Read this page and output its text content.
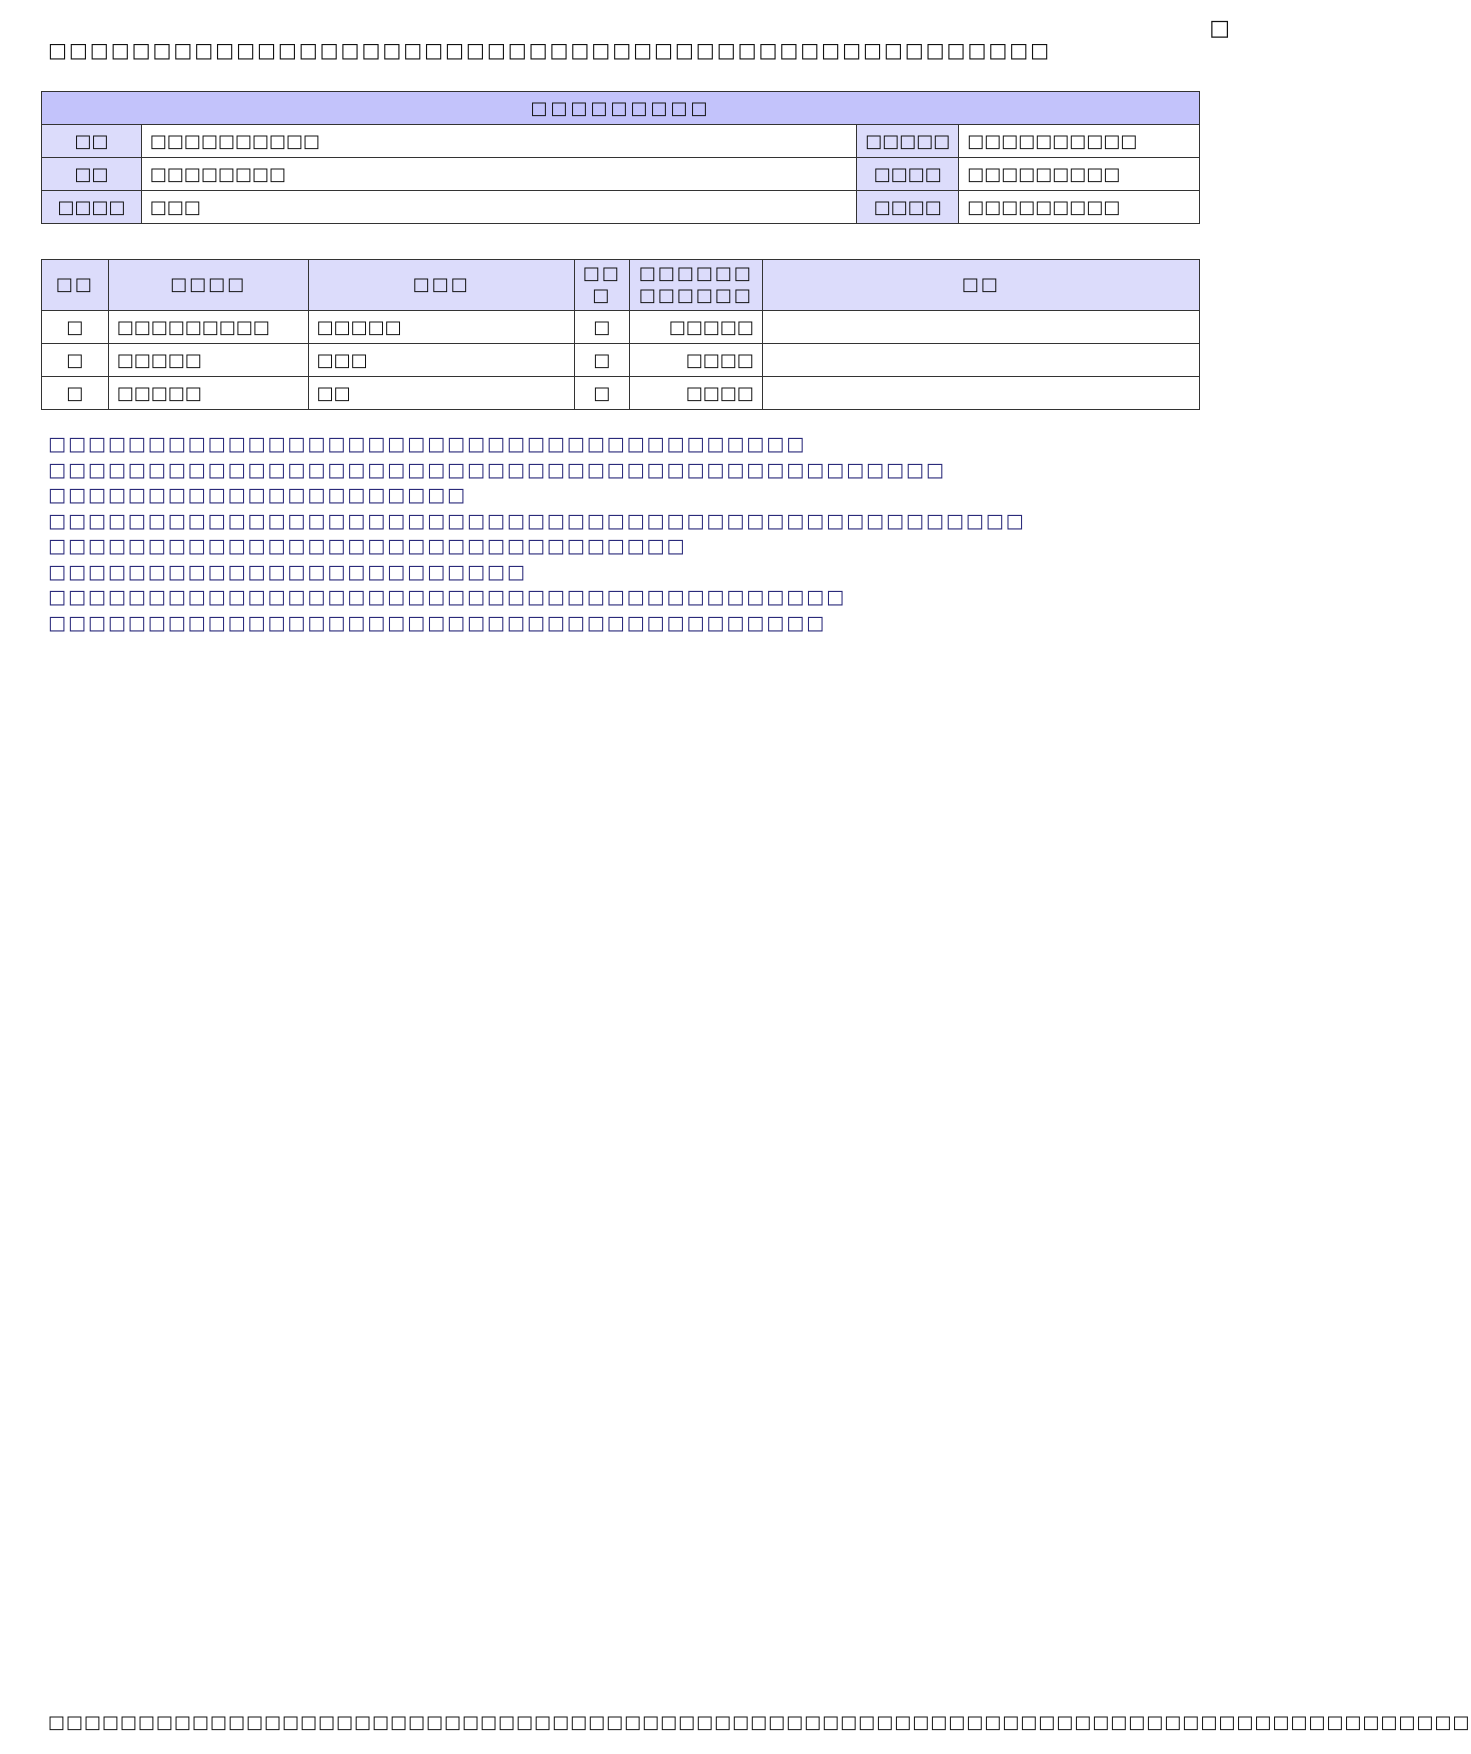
□
□□□□□□□□□□□□□□□□□□□□□□□□□□□□□□□□□□□□□□□□□□□□□□□□
□□□□□□□□□			
□□	□□□□□□□□□□	□□□□□	□□□□□□□□□□
□□	□□□□□□□□	□□□□	□□□□□□□□□
□□□□	□□□	□□□□	□□□□□□□□□
□□	□□□□	□□□	□□ □	□□□□□□ □□□□□□	□□
□	□□□□□□□□□	□□□□□	□	□□□□□	
□	□□□□□	□□□	□	□□□□	
□	□□□□□	□□	□	□□□□	
□□□□□□□□□□□□□□□□□□□□□□□□□□□□□□□□□□□□□□
□□□□□□□□□□□□□□□□□□□□□□□□□□□□□□□□□□□□□□□□□□□□□
□□□□□□□□□□□□□□□□□□□□□
□□□□□□□□□□□□□□□□□□□□□□□□□□□□□□□□□□□□□□□□□□□□□□□□□
□□□□□□□□□□□□□□□□□□□□□□□□□□□□□□□□
□□□□□□□□□□□□□□□□□□□□□□□□
□□□□□□□□□□□□□□□□□□□□□□□□□□□□□□□□□□□□□□□□
□□□□□□□□□□□□□□□□□□□□□□□□□□□□□□□□□□□□□□□
□□□□□□□□□□□□□□□□□□□□□□□□□□□□□□□□□□□□□□□□□□□□□□□□□□□□□□□□□□□□□□□□□□□□□□□□□□□□□□□
